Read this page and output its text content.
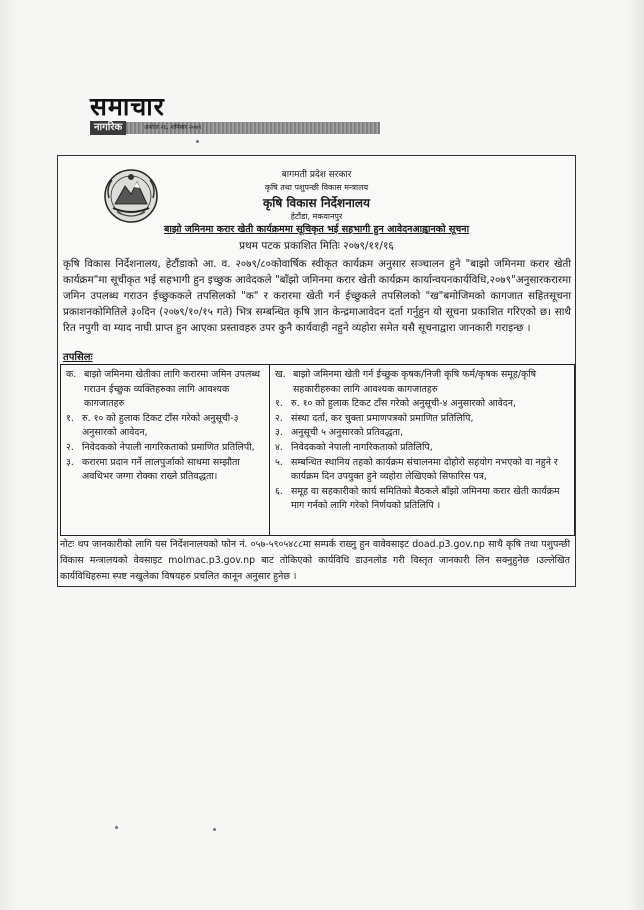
समाचार
नागरिक	असोज २६, शनिबार २०७९
बागमती प्रदेश सरकार
कृषि तथा पशुपन्छी विकास मन्त्रालय
कृषि विकास निर्देशनालय
हेटौंडा, मकवानपुर
बाझो जमिनमा करार खेती कार्यक्रममा सूचिकृत भई सहभागी हुन आवेदनआह्वानको सूचना
प्रथम पटक प्रकाशित मितिः २०७९/११/१६
कृषि विकास निर्देशनालय, हेटौंडाको आ. व. २०७९/८०कोवार्षिक स्वीकृत कार्यक्रम अनुसार सञ्चालन हुने "बाझो जमिनमा करार खेती कार्यक्रम"मा सूचीकृत भई सहभागी हुन इच्छुक आवेदकले "बाँझो जमिनमा करार खेती कार्यक्रम कार्यान्वयनकार्यविधि,२०७९"अनुसारकरारमा जमिन उपलब्ध गराउन ईच्छुककले तपसिलको "क" र करारमा खेती गर्न ईच्छुकले तपसिलको "ख"बमोजिमको कागजात सहितसूचना प्रकाशनकोमितिले ३०दिन (२०७९/१०/१५ गते) भित्र सम्बन्धित कृषि ज्ञान केन्द्रमाआवेदन दर्ता गर्नुहुन यो सूचना प्रकाशित गरिएको छ। साथै रित नपुगी वा म्याद नाघी प्राप्त हुन आएका प्रस्तावहरु उपर कुनै कार्यवाही नहुने व्यहोरा समेत यसै सूचनाद्वारा जानकारी गराइन्छ ।
तपसिलः
क. बाझो जमिनमा खेतीका लागि करारमा जमिन उपलब्ध गराउन ईच्छुक व्यक्तिहरुका लागि आवश्यक कागजातहरु
१. रु. १० को हुलाक टिकट टाँस गरेको अनुसूची-३ अनुसारको आवेदन,
२. निवेदकको नेपाली नागरिकताको प्रमाणित प्रतिलिपी,
३. करारमा प्रदान गर्ने लालपुर्जाको साथमा सम्झौता अवधिभर जग्गा रोक्का राख्ने प्रतिवद्धता।
ख. बाझो जमिनमा खेती गर्न ईच्छुक कृषक/निजी कृषि फर्म/कृषक समूह/कृषि सहकारीहरुका लागि आवश्यक कागजातहरु
१. रु. १० को हुलाक टिकट टाँस गरेको अनुसूची-४ अनुसारको आवेदन,
२. संस्था दर्ता, कर चुक्ता प्रमाणपत्रको प्रमाणित प्रतिलिपि,
३. अनुसूची ५ अनुसारको प्रतिवद्धता,
४. निवेदकको नेपाली नागरिकताको प्रतिलिपि,
५. सम्बन्धित स्थानिय तहको कार्यक्रम संचालनमा दोहोरो सहयोग नभएको वा नहुने र कार्यक्रम दिन उपयुक्त हुने व्यहोरा लेखिएको सिफारिस पत्र,
६. समूह वा सहकारीको कार्य समितिको बैठकले बाँझो जमिनमा करार खेती कार्यक्रम माग गर्नको लागि गरेको निर्णयको प्रतिलिपि ।
नोटः थप जानकारीको लागि यस निर्देशनालयको फोन नं. ०५७-५९०५४८८मा सम्पर्क राख्नु हुन वावेवसाइट doad.p3.gov.np साथै कृषि तथा पशुपन्छी विकास मन्त्रालयको वेवसाइट molmac.p3.gov.np बाट तोकिएको कार्यविधि डाउनलोड गरी विस्तृत जानकारी लिन सक्नुहुनेछ ।उल्लेखित कार्यविधिहरुमा स्पष्ट नखुलेका विषयहरु प्रचलित कानून अनुसार हुनेछ ।
